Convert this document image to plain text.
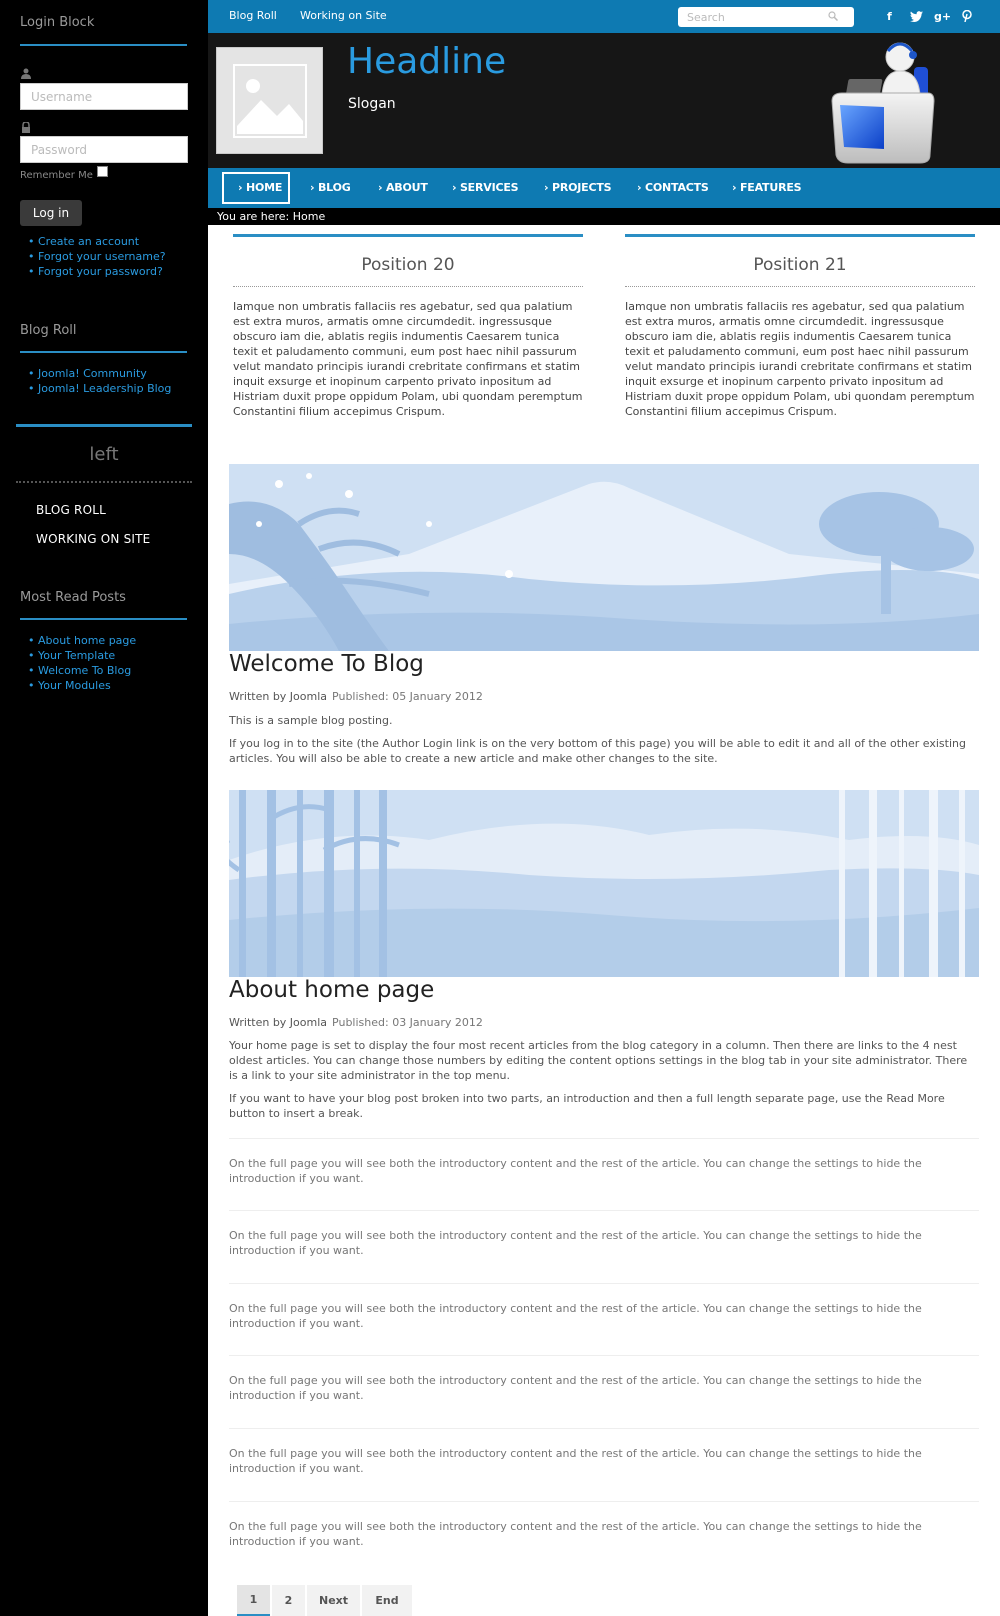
Login Block
Username
Password
Remember Me
Log in
• Create an account
• Forgot your username?
• Forgot your password?
Blog Roll
• Joomla! Community
• Joomla! Leadership Blog
left
BLOG ROLL
WORKING ON SITE
Most Read Posts
• About home page
• Your Template
• Welcome To Blog
• Your Modules
Blog Roll Working on Site	Search	f	g+
Headline
Slogan
› HOME	› BLOG › ABOUT › SERVICES › PROJECTS › CONTACTS › FEATURES
You are here: Home
Position 20
Iamque non umbratis fallaciis res agebatur, sed qua palatium est extra muros, armatis omne circumdedit. ingressusque obscuro iam die, ablatis regiis indumentis Caesarem tunica texit et paludamento communi, eum post haec nihil passurum velut mandato principis iurandi crebritate confirmans et statim inquit exsurge et inopinum carpento privato inpositum ad Histriam duxit prope oppidum Polam, ubi quondam peremptum Constantini filium accepimus Crispum.
Position 21
Iamque non umbratis fallaciis res agebatur, sed qua palatium est extra muros, armatis omne circumdedit. ingressusque obscuro iam die, ablatis regiis indumentis Caesarem tunica texit et paludamento communi, eum post haec nihil passurum velut mandato principis iurandi crebritate confirmans et statim inquit exsurge et inopinum carpento privato inpositum ad Histriam duxit prope oppidum Polam, ubi quondam peremptum Constantini filium accepimus Crispum.
Welcome To Blog
Written by Joomla Published: 05 January 2012
This is a sample blog posting.
If you log in to the site (the Author Login link is on the very bottom of this page) you will be able to edit it and all of the other existing articles. You will also be able to create a new article and make other changes to the site.
About home page
Written by Joomla Published: 03 January 2012
Your home page is set to display the four most recent articles from the blog category in a column. Then there are links to the 4 nest oldest articles. You can change those numbers by editing the content options settings in the blog tab in your site administrator. There is a link to your site administrator in the top menu.
If you want to have your blog post broken into two parts, an introduction and then a full length separate page, use the Read More button to insert a break.
On the full page you will see both the introductory content and the rest of the article. You can change the settings to hide the introduction if you want.
On the full page you will see both the introductory content and the rest of the article. You can change the settings to hide the introduction if you want.
On the full page you will see both the introductory content and the rest of the article. You can change the settings to hide the introduction if you want.
On the full page you will see both the introductory content and the rest of the article. You can change the settings to hide the introduction if you want.
On the full page you will see both the introductory content and the rest of the article. You can change the settings to hide the introduction if you want.
On the full page you will see both the introductory content and the rest of the article. You can change the settings to hide the introduction if you want.
1	2	Next	End
